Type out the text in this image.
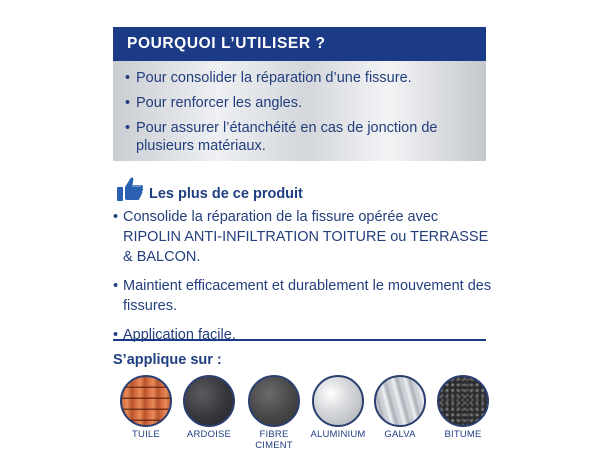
POURQUOI L’UTILISER ?
• Pour consolider la réparation d’une fissure.
• Pour renforcer les angles.
• Pour assurer l’étanchéité en cas de jonction de plusieurs matériaux.
Les plus de ce produit
• Consolide la réparation de la fissure opérée avec RIPOLIN ANTI-INFILTRATION TOITURE ou TERRASSE & BALCON.
• Maintient efficacement et durablement le mouvement des fissures.
• Application facile.
S’applique sur :
TUILE	ARDOISE	FIBRE CIMENT
ALUMINIUM	GALVA	BITUME
